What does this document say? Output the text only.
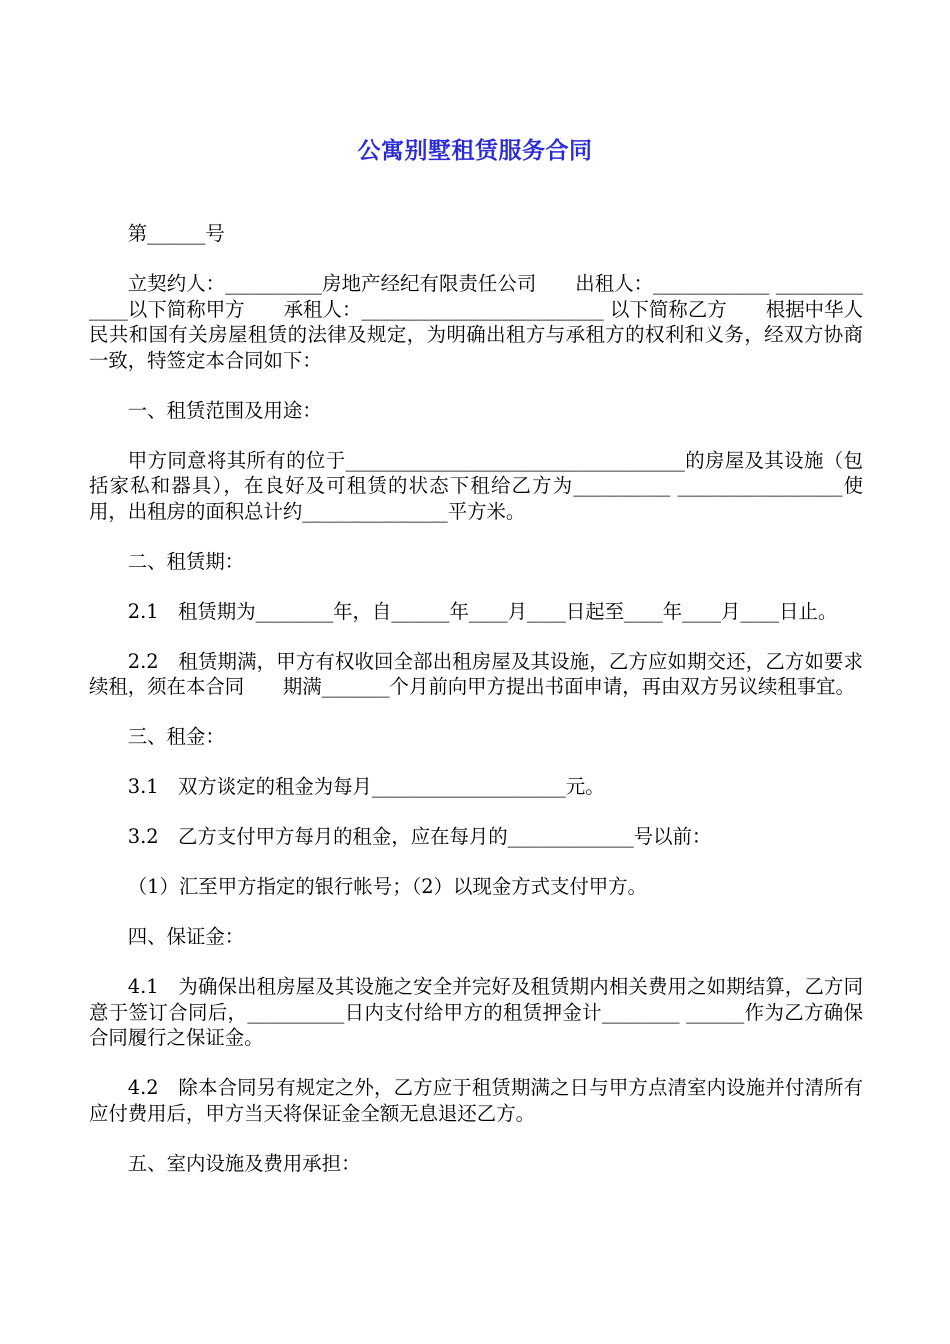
公寓别墅租赁服务合同

第______号

立契约人：__________房地产经纪有限责任公司　　出租人：____________ _____________以下简称甲方　　承租人：_________________________ 以下简称乙方　　根据中华人民共和国有关房屋租赁的法律及规定，为明确出租方与承租方的权利和义务，经双方协商一致，特签定本合同如下：

一、租赁范围及用途：

甲方同意将其所有的位于___________________________________的房屋及其设施（包括家私和器具），在良好及可租赁的状态下租给乙方为__________ _________________使用，出租房的面积总计约_______________平方米。

二、租赁期：

2.1　租赁期为________年，自______年____月____日起至____年____月____日止。

2.2　租赁期满，甲方有权收回全部出租房屋及其设施，乙方应如期交还，乙方如要求续租，须在本合同　　期满_______个月前向甲方提出书面申请，再由双方另议续租事宜。

三、租金：

3.1　双方谈定的租金为每月____________________元。

3.2　乙方支付甲方每月的租金，应在每月的_____________号以前：

（1）汇至甲方指定的银行帐号；（2）以现金方式支付甲方。

四、保证金：

4.1　为确保出租房屋及其设施之安全并完好及租赁期内相关费用之如期结算，乙方同意于签订合同后，__________日内支付给甲方的租赁押金计________ ______作为乙方确保合同履行之保证金。

4.2　除本合同另有规定之外，乙方应于租赁期满之日与甲方点清室内设施并付清所有应付费用后，甲方当天将保证金全额无息退还乙方。

五、室内设施及费用承担：
